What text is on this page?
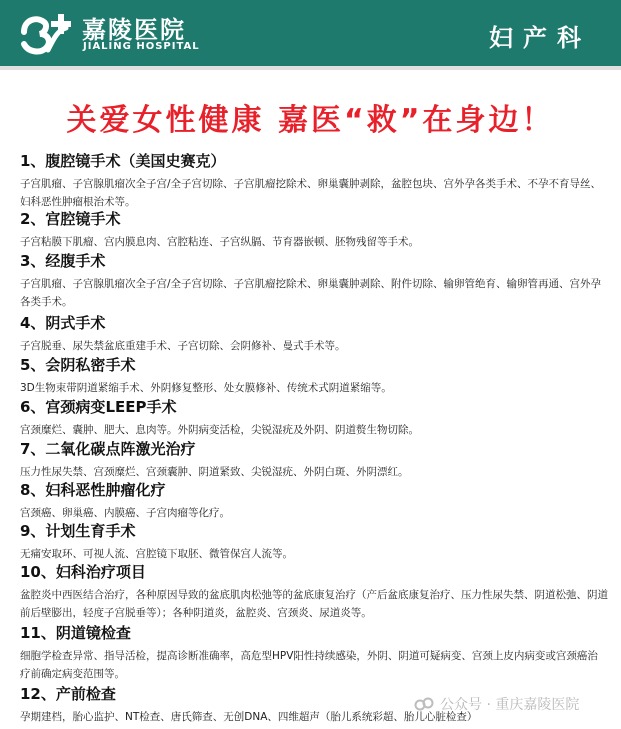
嘉陵医院
JIALING HOSPITAL	妇产科
关爱女性健康 嘉医“救”在身边！
1、腹腔镜手术（美国史赛克）
子宫肌瘤、子宫腺肌瘤次全子宫/全子宫切除、子宫肌瘤挖除术、卵巢囊肿剥除，盆腔包块、宫外孕各类手术、不孕不育导丝、妇科恶性肿瘤根治术等。
2、宫腔镜手术
子宫粘膜下肌瘤、宫内膜息肉、宫腔粘连、子宫纵膈、节育器嵌顿、胚物残留等手术。
3、经腹手术
子宫肌瘤、子宫腺肌瘤次全子宫/全子宫切除、子宫肌瘤挖除术、卵巢囊肿剥除、附件切除、输卵管绝育、输卵管再通、宫外孕各类手术。
4、阴式手术
子宫脱垂、尿失禁盆底重建手术、子宫切除、会阴修补、曼式手术等。
5、会阴私密手术
3D生物束带阴道紧缩手术、外阴修复整形、处女膜修补、传统术式阴道紧缩等。
6、宫颈病变LEEP手术
宫颈糜烂、囊肿、肥大、息肉等。外阴病变活检，尖锐湿疣及外阴、阴道赘生物切除。
7、二氧化碳点阵激光治疗
压力性尿失禁、宫颈糜烂、宫颈囊肿、阴道紧致、尖锐湿疣、外阴白斑、外阴漂红。
8、妇科恶性肿瘤化疗
宫颈癌、卵巢癌、内膜癌、子宫肉瘤等化疗。
9、计划生育手术
无痛安取环、可视人流、宫腔镜下取胚、微管保宫人流等。
10、妇科治疗项目
盆腔炎中西医结合治疗，各种原因导致的盆底肌肉松弛等的盆底康复治疗（产后盆底康复治疗、压力性尿失禁、阴道松弛、阴道前后壁膨出，轻度子宫脱垂等）；各种阴道炎，盆腔炎、宫颈炎、尿道炎等。
11、阴道镜检查
细胞学检查异常、指导活检，提高诊断准确率，高危型HPV阳性持续感染，外阴、阴道可疑病变、宫颈上皮内病变或宫颈癌治疗前确定病变范围等。
12、产前检查
孕期建档，胎心监护、NT检查、唐氏筛查、无创DNA、四维超声（胎儿系统彩超、胎儿心脏检查）
公众号 · 重庆嘉陵医院
